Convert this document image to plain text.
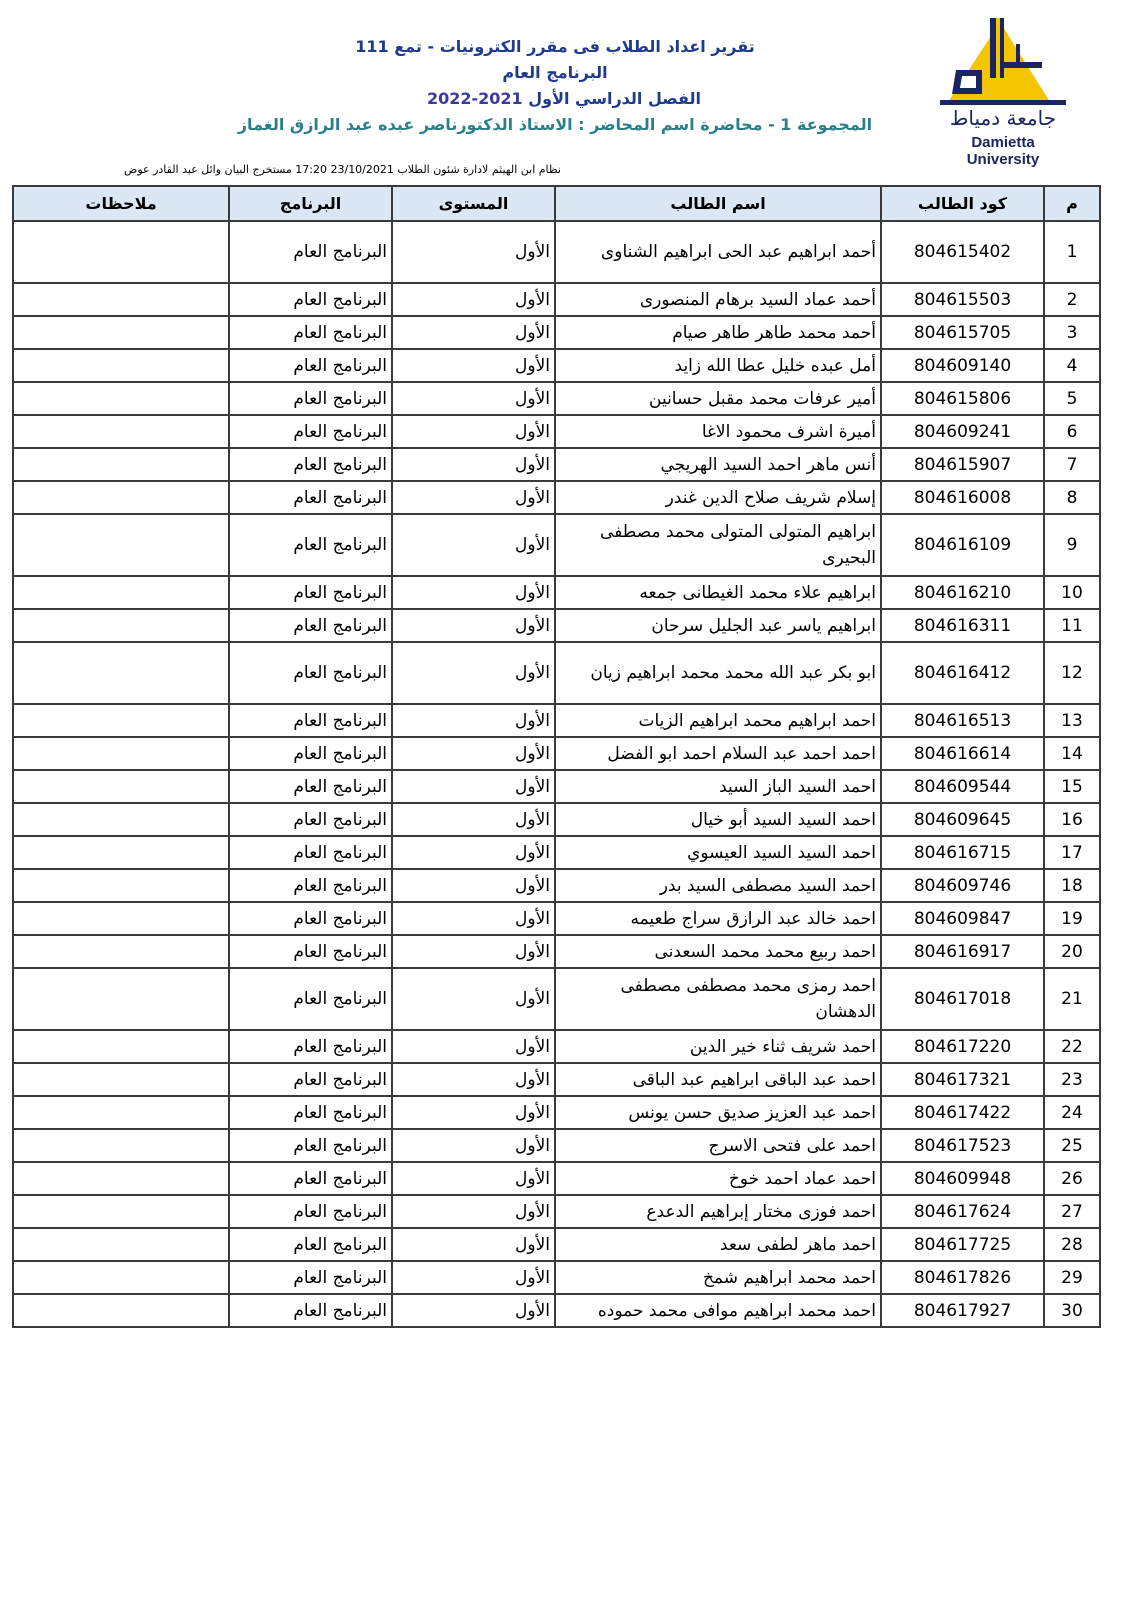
جامعة دمياط
Damietta University
تقرير اعداد الطلاب فى مقرر الكترونيات - تمع 111
البرنامج العام
الفصل الدراسي الأول 2021-2022
المجموعة 1 - محاضرة اسم المحاضر : الاستاذ الدكتورناصر عبده عبد الرازق الغماز
نظام ابن الهيثم لادارة شئون الطلاب 23/10/2021 17:20 مستخرج البيان وائل عبد القادر عوض
م	كود الطالب	اسم الطالب	المستوى	البرنامج	ملاحظات
1	804615402	أحمد ابراهيم عبد الحى ابراهيم الشناوى	الأول	البرنامج العام	
2	804615503	أحمد عماد السيد برهام المنصورى	الأول	البرنامج العام	
3	804615705	أحمد محمد طاهر طاهر صيام	الأول	البرنامج العام	
4	804609140	أمل عبده خليل عطا الله زايد	الأول	البرنامج العام	
5	804615806	أمير عرفات محمد مقبل حسانين	الأول	البرنامج العام	
6	804609241	أميرة اشرف محمود الاغا	الأول	البرنامج العام	
7	804615907	أنس ماهر احمد السيد الهريجي	الأول	البرنامج العام	
8	804616008	إسلام شريف صلاح الدين غندر	الأول	البرنامج العام	
9	804616109	ابراهيم المتولى المتولى محمد مصطفى البحيرى	الأول	البرنامج العام	
10	804616210	ابراهيم علاء محمد الغيطانى جمعه	الأول	البرنامج العام	
11	804616311	ابراهيم ياسر عبد الجليل سرحان	الأول	البرنامج العام	
12	804616412	ابو بكر عبد الله محمد محمد ابراهيم زيان	الأول	البرنامج العام	
13	804616513	احمد ابراهيم محمد ابراهيم الزيات	الأول	البرنامج العام	
14	804616614	احمد احمد عبد السلام احمد ابو الفضل	الأول	البرنامج العام	
15	804609544	احمد السيد الباز السيد	الأول	البرنامج العام	
16	804609645	احمد السيد السيد أبو خيال	الأول	البرنامج العام	
17	804616715	احمد السيد السيد العيسوي	الأول	البرنامج العام	
18	804609746	احمد السيد مصطفى السيد بدر	الأول	البرنامج العام	
19	804609847	احمد خالد عبد الرازق سراج طعيمه	الأول	البرنامج العام	
20	804616917	احمد ربيع محمد محمد السعدنى	الأول	البرنامج العام	
21	804617018	احمد رمزى محمد مصطفى مصطفى الدهشان	الأول	البرنامج العام	
22	804617220	احمد شريف ثناء خير الدين	الأول	البرنامج العام	
23	804617321	احمد عبد الباقى ابراهيم عبد الباقى	الأول	البرنامج العام	
24	804617422	احمد عبد العزيز صديق حسن يونس	الأول	البرنامج العام	
25	804617523	احمد على فتحى الاسرج	الأول	البرنامج العام	
26	804609948	احمد عماد احمد خوخ	الأول	البرنامج العام	
27	804617624	احمد فوزى مختار إبراهيم الدعدع	الأول	البرنامج العام	
28	804617725	احمد ماهر لطفى سعد	الأول	البرنامج العام	
29	804617826	احمد محمد ابراهيم شمخ	الأول	البرنامج العام	
30	804617927	احمد محمد ابراهيم موافى محمد حموده	الأول	البرنامج العام	
